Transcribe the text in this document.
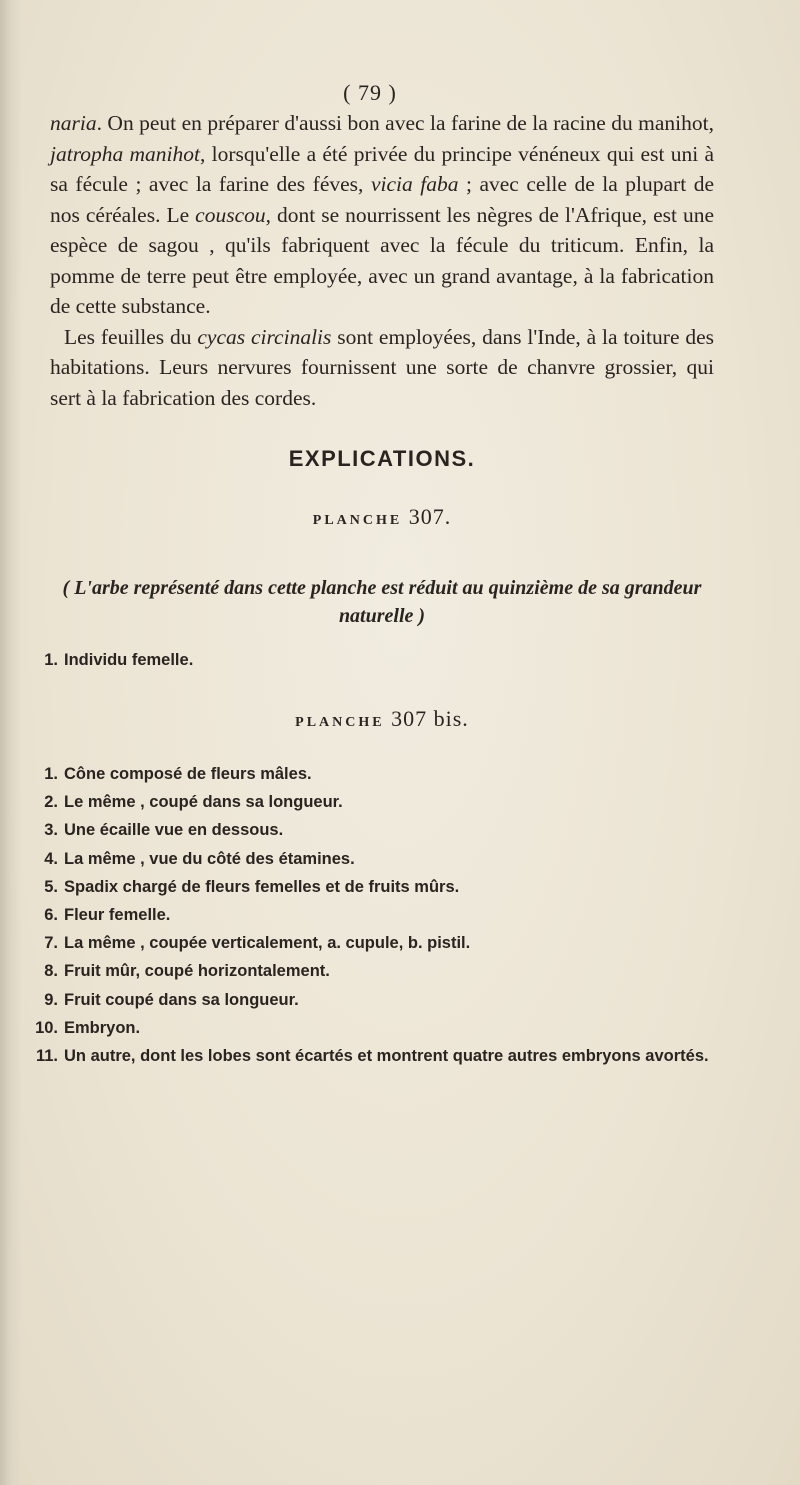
( 79 )

naria. On peut en préparer d'aussi bon avec la farine de la racine du manihot, jatropha manihot, lorsqu'elle a été privée du principe vénéneux qui est uni à sa fécule ; avec la farine des féves, vicia faba ; avec celle de la plupart de nos céréales. Le couscou, dont se nourrissent les nègres de l'Afrique, est une espèce de sagou , qu'ils fabriquent avec la fécule du triticum. Enfin, la pomme de terre peut être employée, avec un grand avantage, à la fabrication de cette substance.

Les feuilles du cycas circinalis sont employées, dans l'Inde, à la toiture des habitations. Leurs nervures fournissent une sorte de chanvre grossier, qui sert à la fabrication des cordes.

EXPLICATIONS.
PLANCHE 307.
( L'arbe représenté dans cette planche est réduit au quinzième de sa grandeur naturelle )
1. Individu femelle.
PLANCHE 307 bis.
1. Cône composé de fleurs mâles.
2. Le même , coupé dans sa longueur.
3. Une écaille vue en dessous.
4. La même , vue du côté des étamines.
5. Spadix chargé de fleurs femelles et de fruits mûrs.
6. Fleur femelle.
7. La même , coupée verticalement, a. cupule, b. pistil.
8. Fruit mûr, coupé horizontalement.
9. Fruit coupé dans sa longueur.
10. Embryon.
11. Un autre, dont les lobes sont écartés et montrent quatre autres embryons avortés.
